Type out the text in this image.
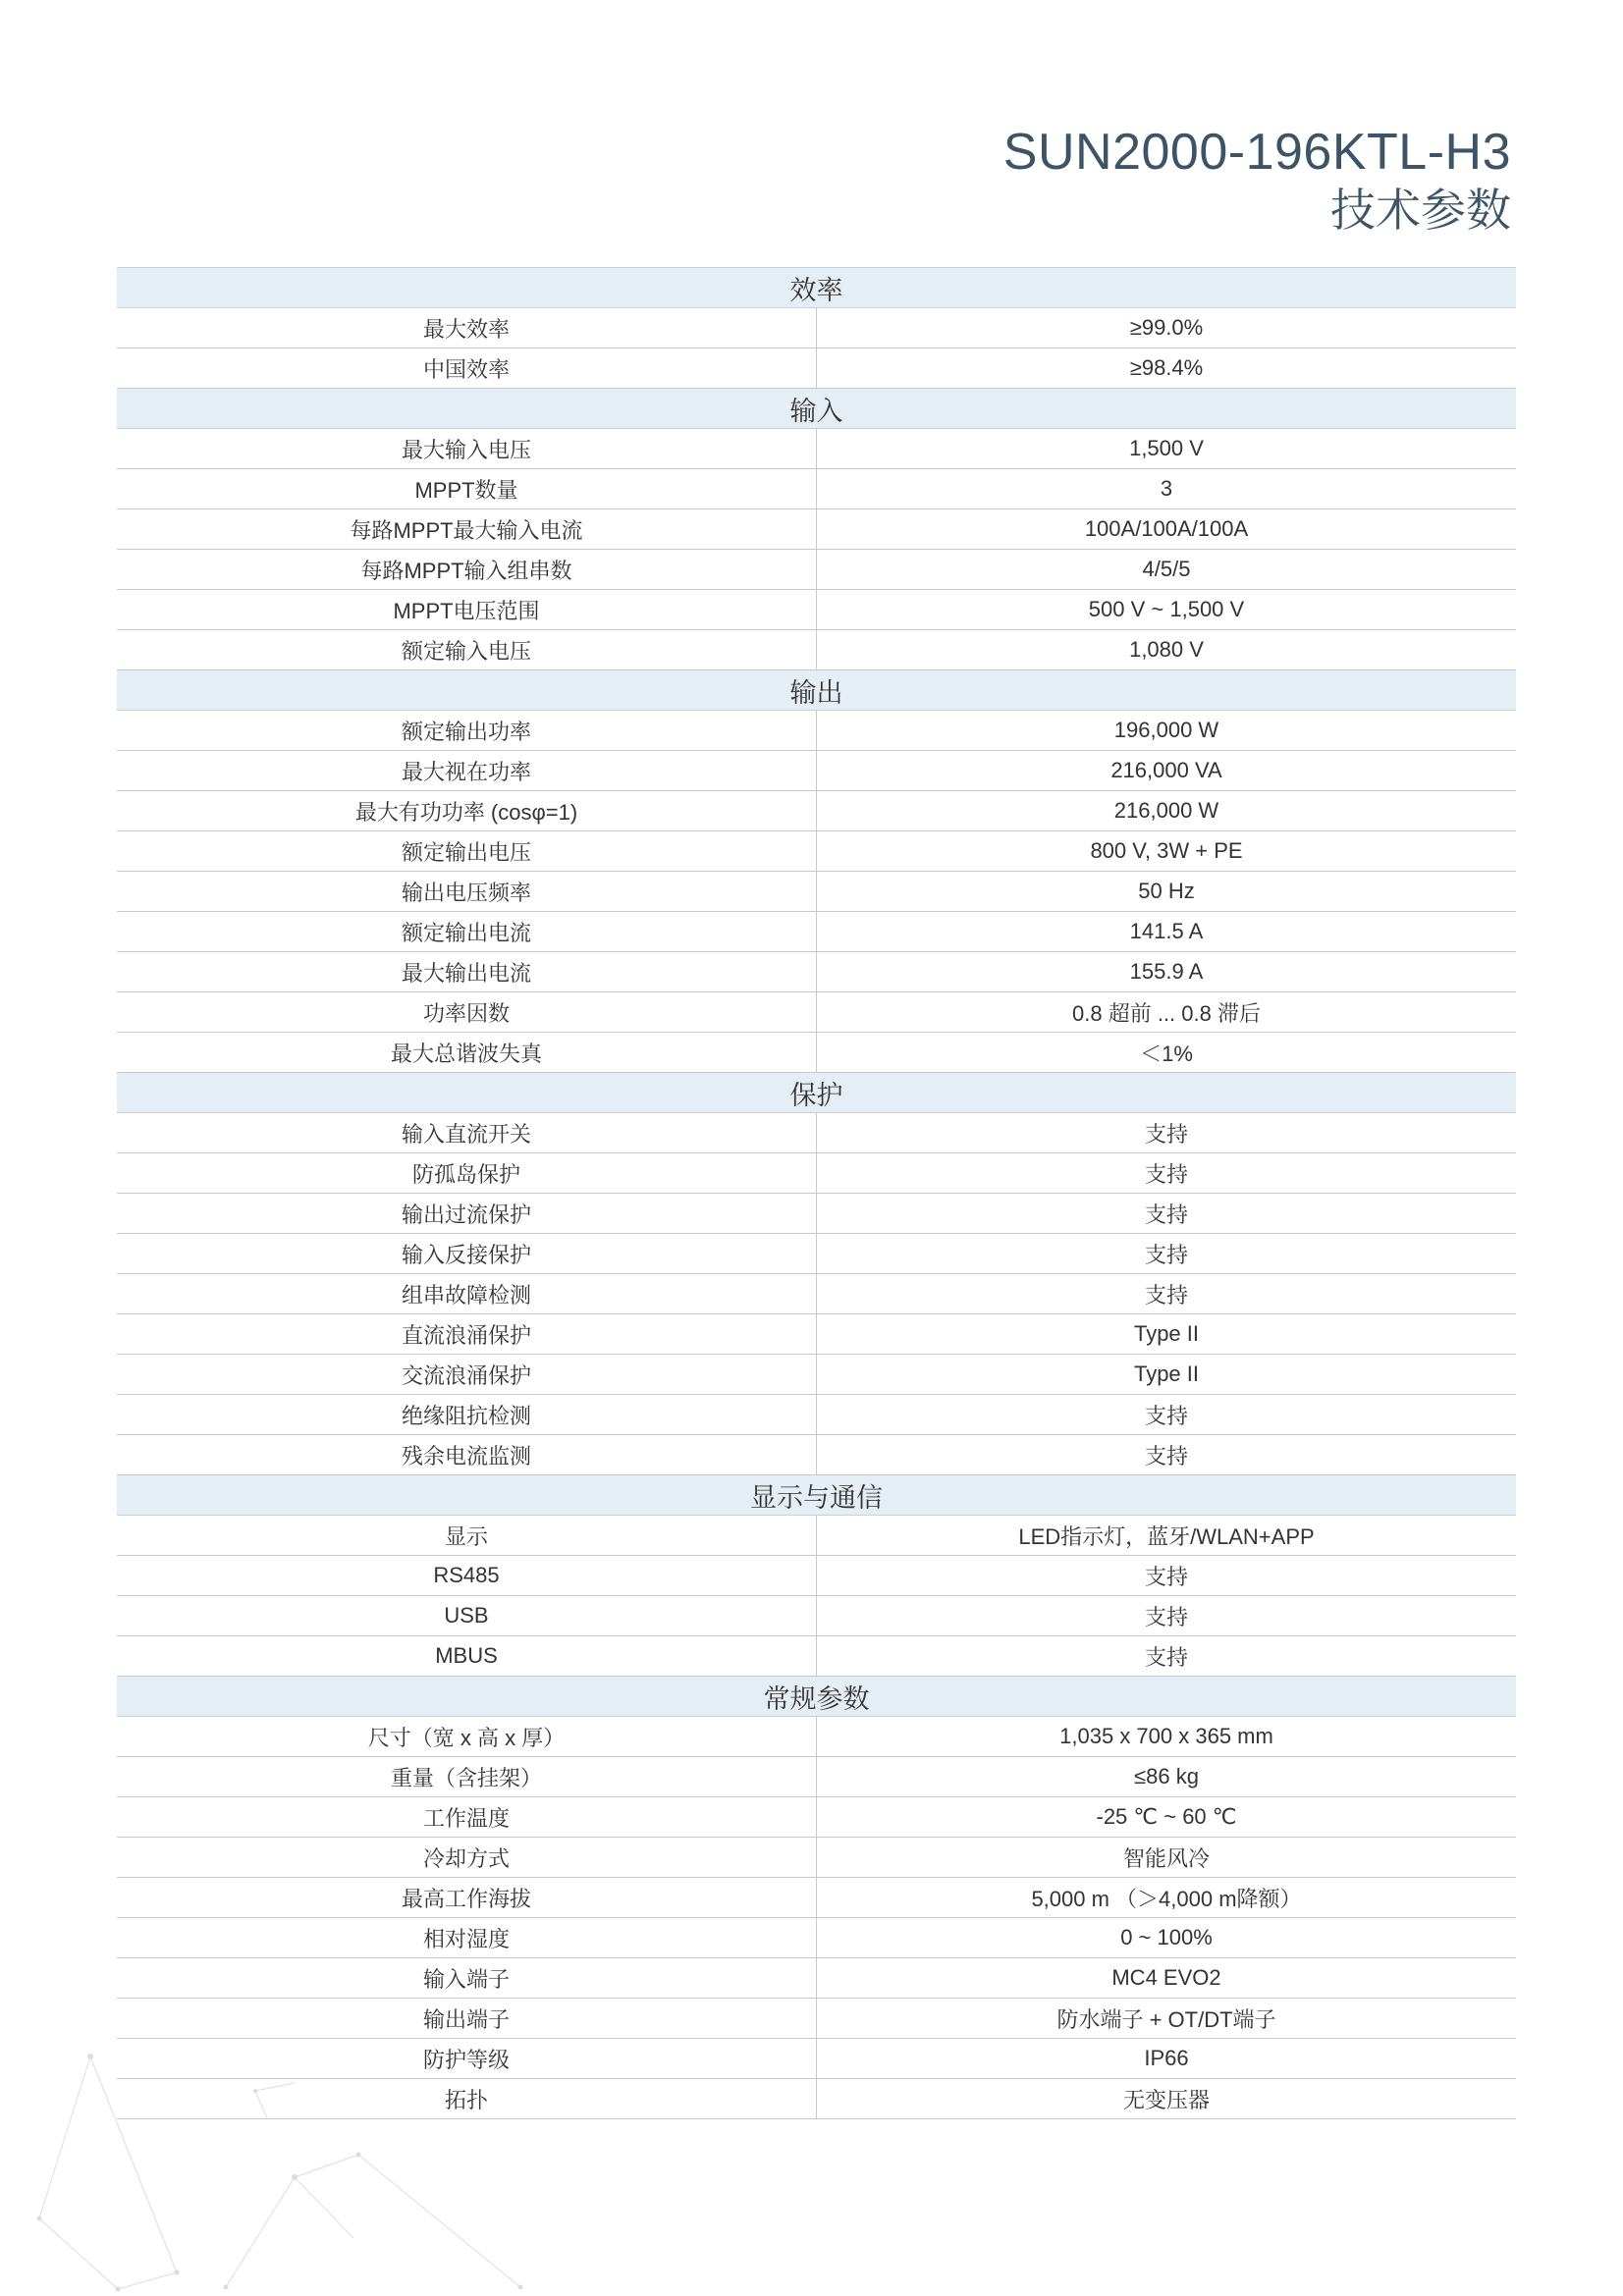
SUN2000-196KTL-H3
技术参数
效率	
最大效率	≥99.0%
中国效率	≥98.4%
输入	
最大输入电压	1,500 V
MPPT数量	3
每路MPPT最大输入电流	100A/100A/100A
每路MPPT输入组串数	4/5/5
MPPT电压范围	500 V ~ 1,500 V
额定输入电压	1,080 V
输出	
额定输出功率	196,000 W
最大视在功率	216,000 VA
最大有功功率 (cosφ=1)	216,000 W
额定输出电压	800 V, 3W + PE
输出电压频率	50 Hz
额定输出电流	141.5 A
最大输出电流	155.9 A
功率因数	0.8 超前 ... 0.8 滞后
最大总谐波失真	＜1%
保护	
输入直流开关	支持
防孤岛保护	支持
输出过流保护	支持
输入反接保护	支持
组串故障检测	支持
直流浪涌保护	Type II
交流浪涌保护	Type II
绝缘阻抗检测	支持
残余电流监测	支持
显示与通信	
显示	LED指示灯，蓝牙/WLAN+APP
RS485	支持
USB	支持
MBUS	支持
常规参数	
尺寸（宽 x 高 x 厚）	1,035 x 700 x 365 mm
重量（含挂架）	≤86 kg
工作温度	-25 ℃ ~ 60 ℃
冷却方式	智能风冷
最高工作海拔	5,000 m （＞4,000 m降额）
相对湿度	0 ~ 100%
输入端子	MC4 EVO2
输出端子	防水端子 + OT/DT端子
防护等级	IP66
拓扑	无变压器
